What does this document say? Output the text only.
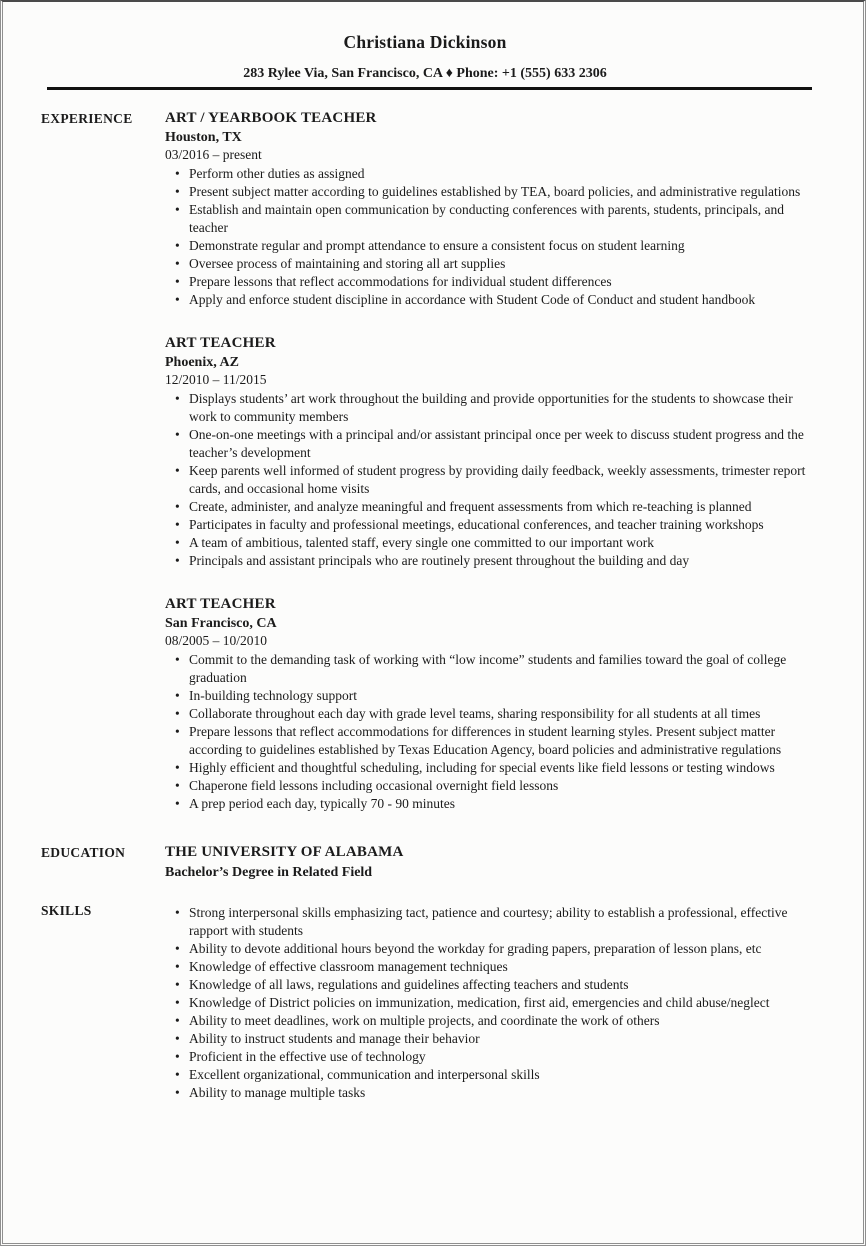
Christiana Dickinson
283 Rylee Via, San Francisco, CA ♦ Phone: +1 (555) 633 2306
EXPERIENCE	ART / YEARBOOK TEACHER
Houston, TX
03/2016 – present
• Perform other duties as assigned
• Present subject matter according to guidelines established by TEA, board policies, and administrative regulations
• Establish and maintain open communication by conducting conferences with parents, students, principals, and teacher
• Demonstrate regular and prompt attendance to ensure a consistent focus on student learning
• Oversee process of maintaining and storing all art supplies
• Prepare lessons that reflect accommodations for individual student differences
• Apply and enforce student discipline in accordance with Student Code of Conduct and student handbook
ART TEACHER
Phoenix, AZ
12/2010 – 11/2015
• Displays students’ art work throughout the building and provide opportunities for the students to showcase their work to community members
• One-on-one meetings with a principal and/or assistant principal once per week to discuss student progress and the teacher’s development
• Keep parents well informed of student progress by providing daily feedback, weekly assessments, trimester report cards, and occasional home visits
• Create, administer, and analyze meaningful and frequent assessments from which re-teaching is planned
• Participates in faculty and professional meetings, educational conferences, and teacher training workshops
• A team of ambitious, talented staff, every single one committed to our important work
• Principals and assistant principals who are routinely present throughout the building and day
ART TEACHER
San Francisco, CA
08/2005 – 10/2010
• Commit to the demanding task of working with “low income” students and families toward the goal of college graduation
• In-building technology support
• Collaborate throughout each day with grade level teams, sharing responsibility for all students at all times
• Prepare lessons that reflect accommodations for differences in student learning styles. Present subject matter according to guidelines established by Texas Education Agency, board policies and administrative regulations
• Highly efficient and thoughtful scheduling, including for special events like field lessons or testing windows
• Chaperone field lessons including occasional overnight field lessons
• A prep period each day, typically 70 - 90 minutes
EDUCATION	THE UNIVERSITY OF ALABAMA
Bachelor’s Degree in Related Field
SKILLS	• Strong interpersonal skills emphasizing tact, patience and courtesy; ability to establish a professional, effective rapport with students
• Ability to devote additional hours beyond the workday for grading papers, preparation of lesson plans, etc
• Knowledge of effective classroom management techniques
• Knowledge of all laws, regulations and guidelines affecting teachers and students
• Knowledge of District policies on immunization, medication, first aid, emergencies and child abuse/neglect
• Ability to meet deadlines, work on multiple projects, and coordinate the work of others
• Ability to instruct students and manage their behavior
• Proficient in the effective use of technology
• Excellent organizational, communication and interpersonal skills
• Ability to manage multiple tasks
